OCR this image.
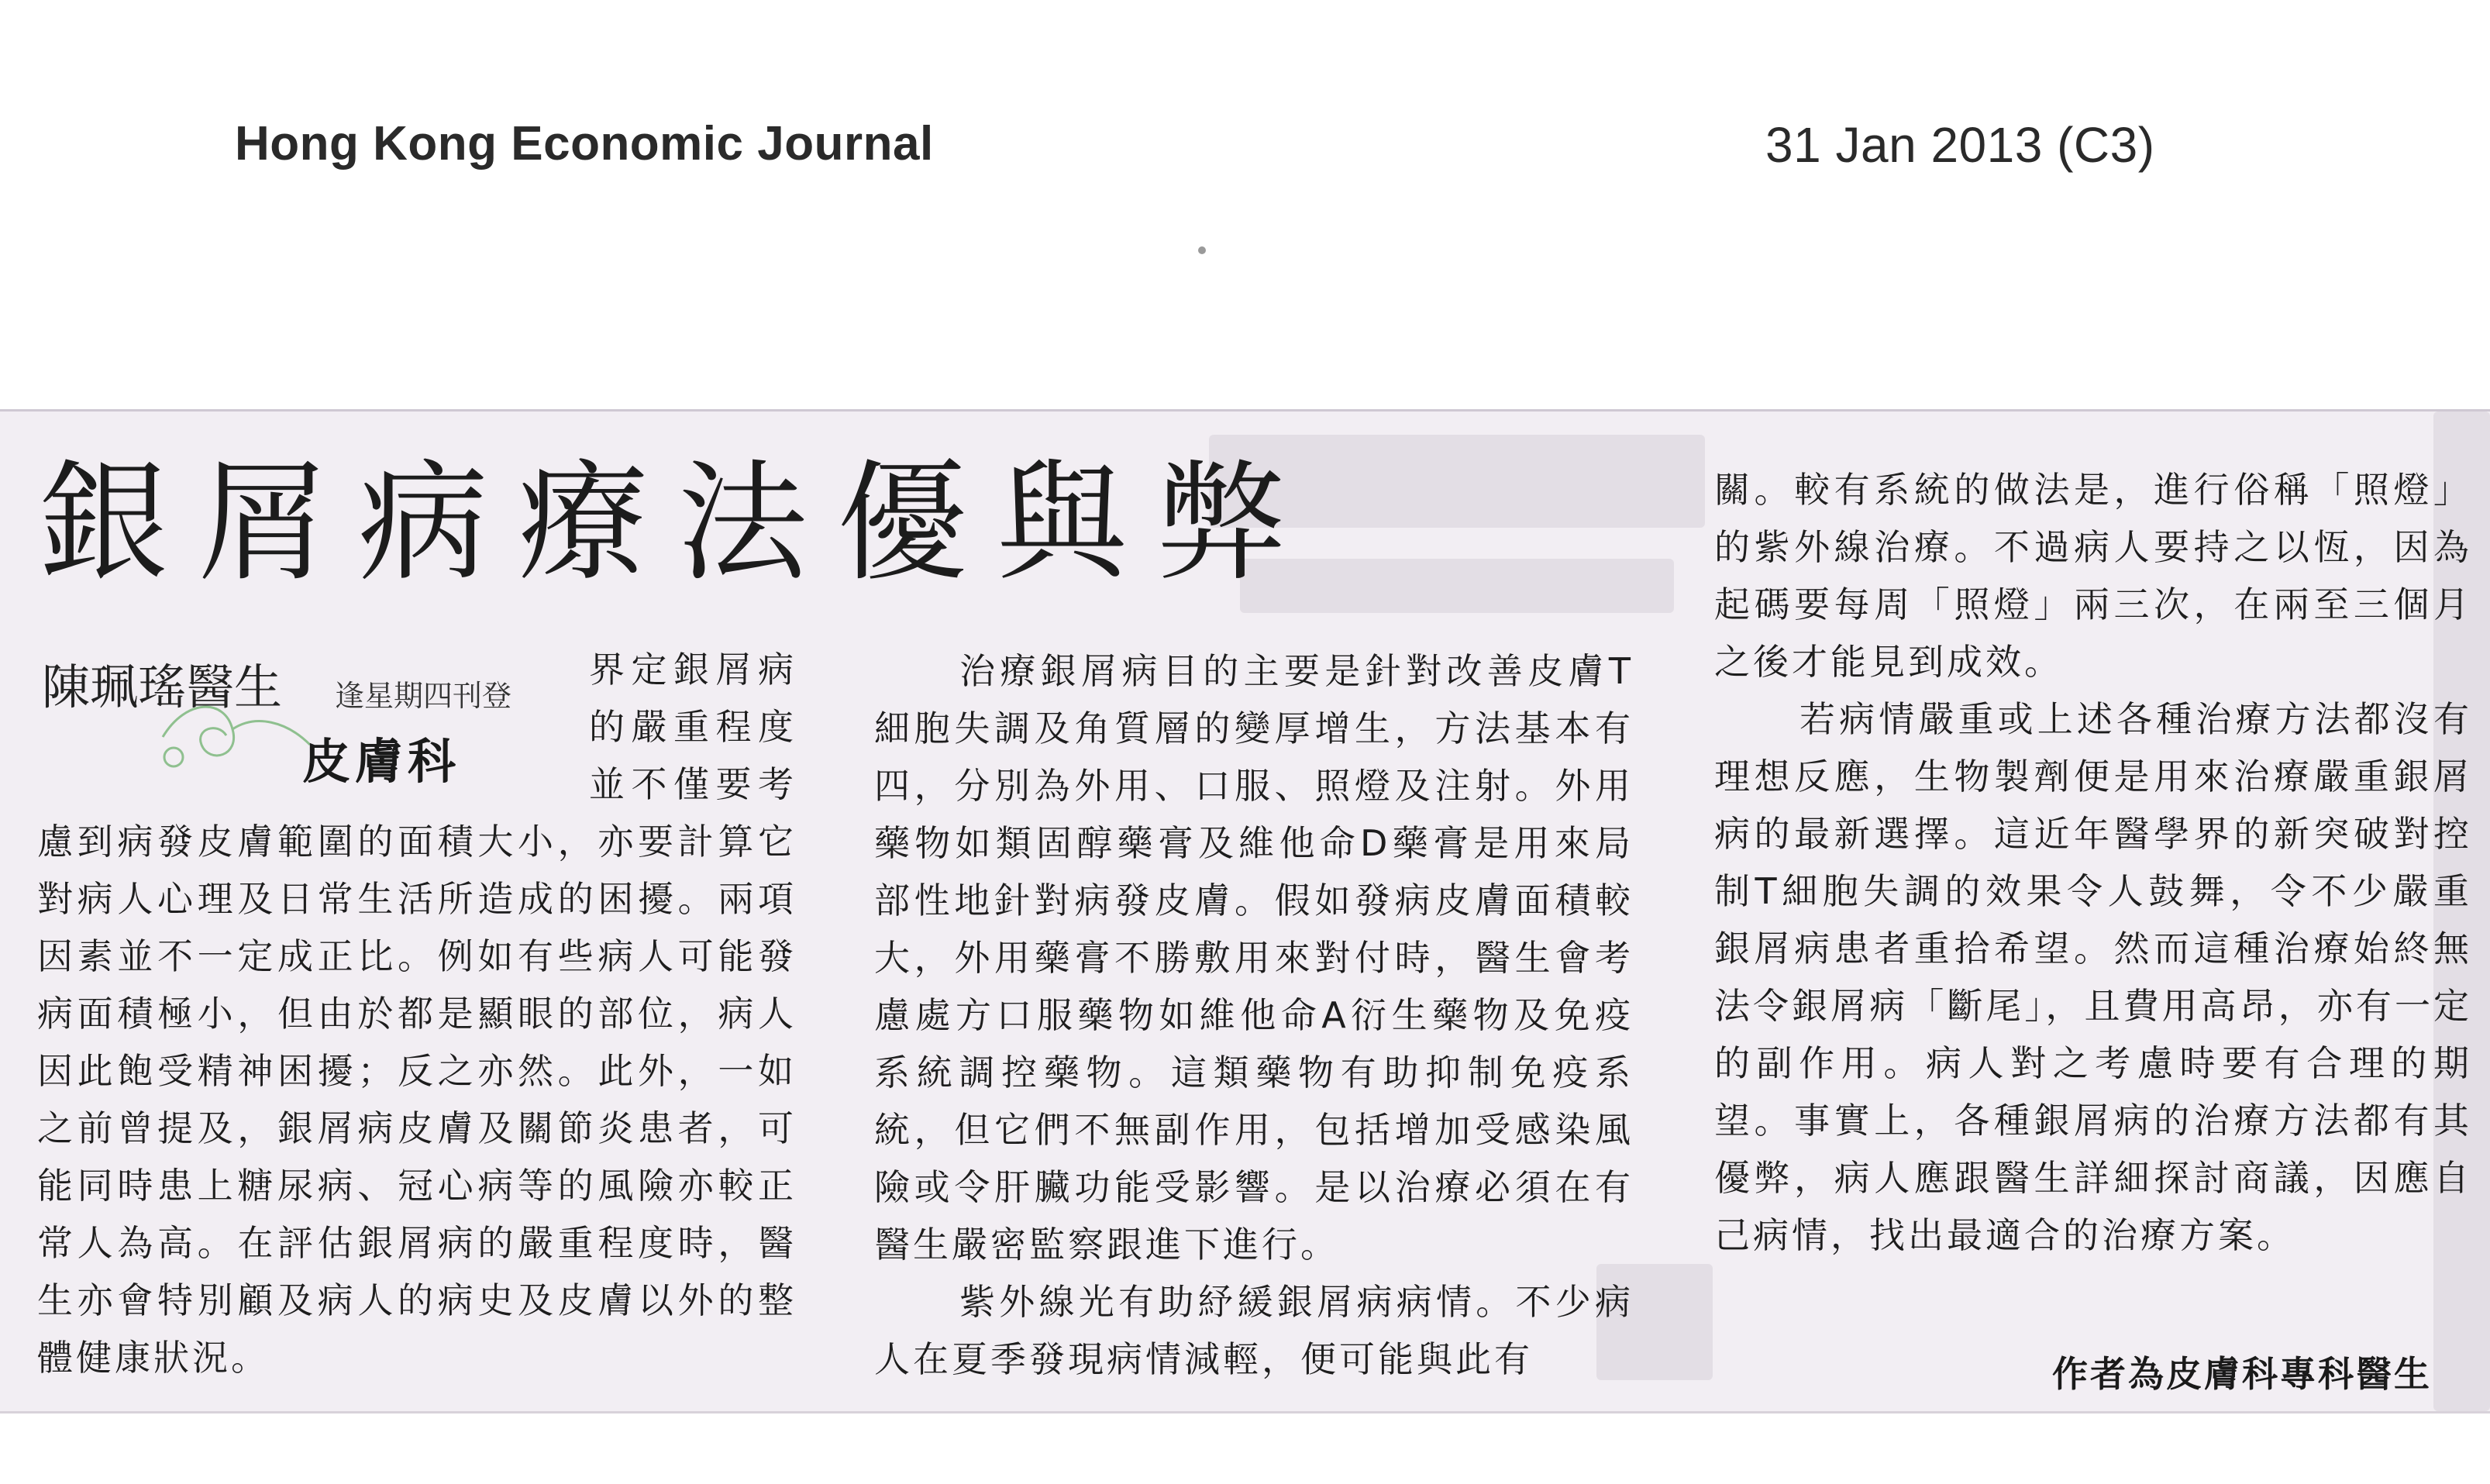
Hong Kong Economic Journal	31 Jan 2013 (C3)
銀屑病療法優與弊
陳珮瑤醫生 逢星期四刊登
皮膚科
界定銀屑病的嚴重程度並不僅要考慮到病發皮膚範圍的面積大小，亦要計算它對病人心理及日常生活所造成的困擾。兩項因素並不一定成正比。例如有些病人可能發病面積極小，但由於都是顯眼的部位，病人因此飽受精神困擾；反之亦然。此外，一如之前曾提及，銀屑病皮膚及關節炎患者，可能同時患上糖尿病、冠心病等的風險亦較正常人為高。在評估銀屑病的嚴重程度時，醫生亦會特別顧及病人的病史及皮膚以外的整體健康狀況。

治療銀屑病目的主要是針對改善皮膚T細胞失調及角質層的變厚增生，方法基本有四，分別為外用、口服、照燈及注射。外用藥物如類固醇藥膏及維他命D藥膏是用來局部性地針對病發皮膚。假如發病皮膚面積較大，外用藥膏不勝敷用來對付時，醫生會考慮處方口服藥物如維他命A衍生藥物及免疫系統調控藥物。這類藥物有助抑制免疫系統，但它們不無副作用，包括增加受感染風險或令肝臟功能受影響。是以治療必須在有醫生嚴密監察跟進下進行。

紫外線光有助紓緩銀屑病病情。不少病人在夏季發現病情減輕，便可能與此有

關。較有系統的做法是，進行俗稱「照燈」的紫外線治療。不過病人要持之以恆，因為起碼要每周「照燈」兩三次，在兩至三個月之後才能見到成效。

若病情嚴重或上述各種治療方法都沒有理想反應，生物製劑便是用來治療嚴重銀屑病的最新選擇。這近年醫學界的新突破對控制T細胞失調的效果令人鼓舞，令不少嚴重銀屑病患者重拾希望。然而這種治療始終無法令銀屑病「斷尾」，且費用高昂，亦有一定的副作用。病人對之考慮時要有合理的期望。事實上，各種銀屑病的治療方法都有其優弊，病人應跟醫生詳細探討商議，因應自己病情，找出最適合的治療方案。

作者為皮膚科專科醫生
